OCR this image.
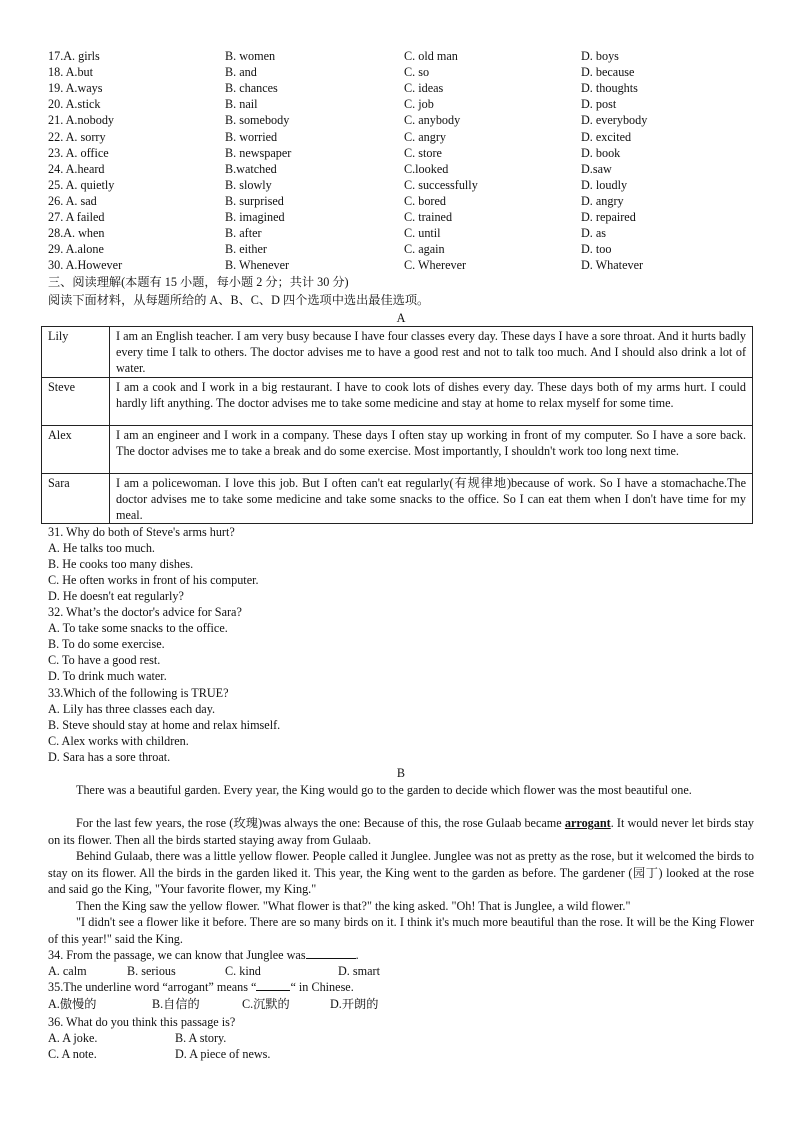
17.A. girls	B. women	C. old man	D. boys
18. A.but	B. and	C. so	D. because
19. A.ways	B. chances	C. ideas	D. thoughts
20. A.stick	B. nail	C. job	D. post
21. A.nobody	B. somebody	C. anybody	D. everybody
22. A. sorry	B. worried	C. angry	D. excited
23. A. office	B. newspaper	C. store	D. book
24. A.heard	B.watched	C.looked	D.saw
25. A. quietly	B. slowly	C. successfully	D. loudly
26. A. sad	B. surprised	C. bored	D. angry
27. A failed	B. imagined	C. trained	D. repaired
28.A. when	B. after	C. until	D. as
29. A.alone	B. either	C. again	D. too
30. A.However	B. Whenever	C. Wherever	D. Whatever
三、阅读理解(本题有 15 小题，每小题 2 分；共计 30 分)
阅读下面材料，从每题所给的 A、B、C、D 四个选项中选出最佳选项。
A
Lily	I am an English teacher. I am very busy because I have four classes every day. These days I have a sore throat. And it hurts badly every time I talk to others. The doctor advises me to have a good rest and not to talk too much. And I should also drink a lot of water.
Steve	I am a cook and I work in a big restaurant. I have to cook lots of dishes every day. These days both of my arms hurt. I could hardly lift anything. The doctor advises me to take some medicine and stay at home to relax myself for some time.
Alex	I am an engineer and I work in a company. These days I often stay up working in front of my computer. So I have a sore back. The doctor advises me to take a break and do some exercise. Most importantly, I shouldn't work too long next time.
Sara	I am a policewoman. I love this job. But I often can't eat regularly(有规律地)because of work. So I have a stomachache.The doctor advises me to take some medicine and take some snacks to the office. So I can eat them when I don't have time for my meal.
31. Why do both of Steve's arms hurt?
A. He talks too much.
B. He cooks too many dishes.
C. He often works in front of his computer.
D. He doesn't eat regularly?
32. What’s the doctor's advice for Sara?
A. To take some snacks to the office.
B. To do some exercise.
C. To have a good rest.
D. To drink much water.
33.Which of the following is TRUE?
A. Lily has three classes each day.
B. Steve should stay at home and relax himself.
C. Alex works with children.
D. Sara has a sore throat.
B
There was a beautiful garden. Every year, the King would go to the garden to decide which flower was the most beautiful one.
For the last few years, the rose (玫瑰)was always the one: Because of this, the rose Gulaab became arrogant. It would never let birds stay on its flower. Then all the birds started staying away from Gulaab.
Behind Gulaab, there was a little yellow flower. People called it Junglee. Junglee was not as pretty as the rose, but it welcomed the birds to stay on its flower. All the birds in the garden liked it. This year, the King went to the garden as before. The gardener (园丁) looked at the rose and said go the King, "Your favorite flower, my King."
Then the King saw the yellow flower. "What flower is that?" the king asked. "Oh! That is Junglee, a wild flower."
"I didn't see a flower like it before. There are so many birds on it. I think it's much more beautiful than the rose. It will be the King Flower of this year!" said the King.
34. From the passage, we can know that Junglee was	.
A. calm	B. serious	C. kind	D. smart
35.The underline word “arrogant” means “	“ in Chinese.
A.傲慢的	B.自信的	C.沉默的	D.开朗的
36. What do you think this passage is?
A. A joke.	B. A story.
C. A note.	D. A piece of news.
